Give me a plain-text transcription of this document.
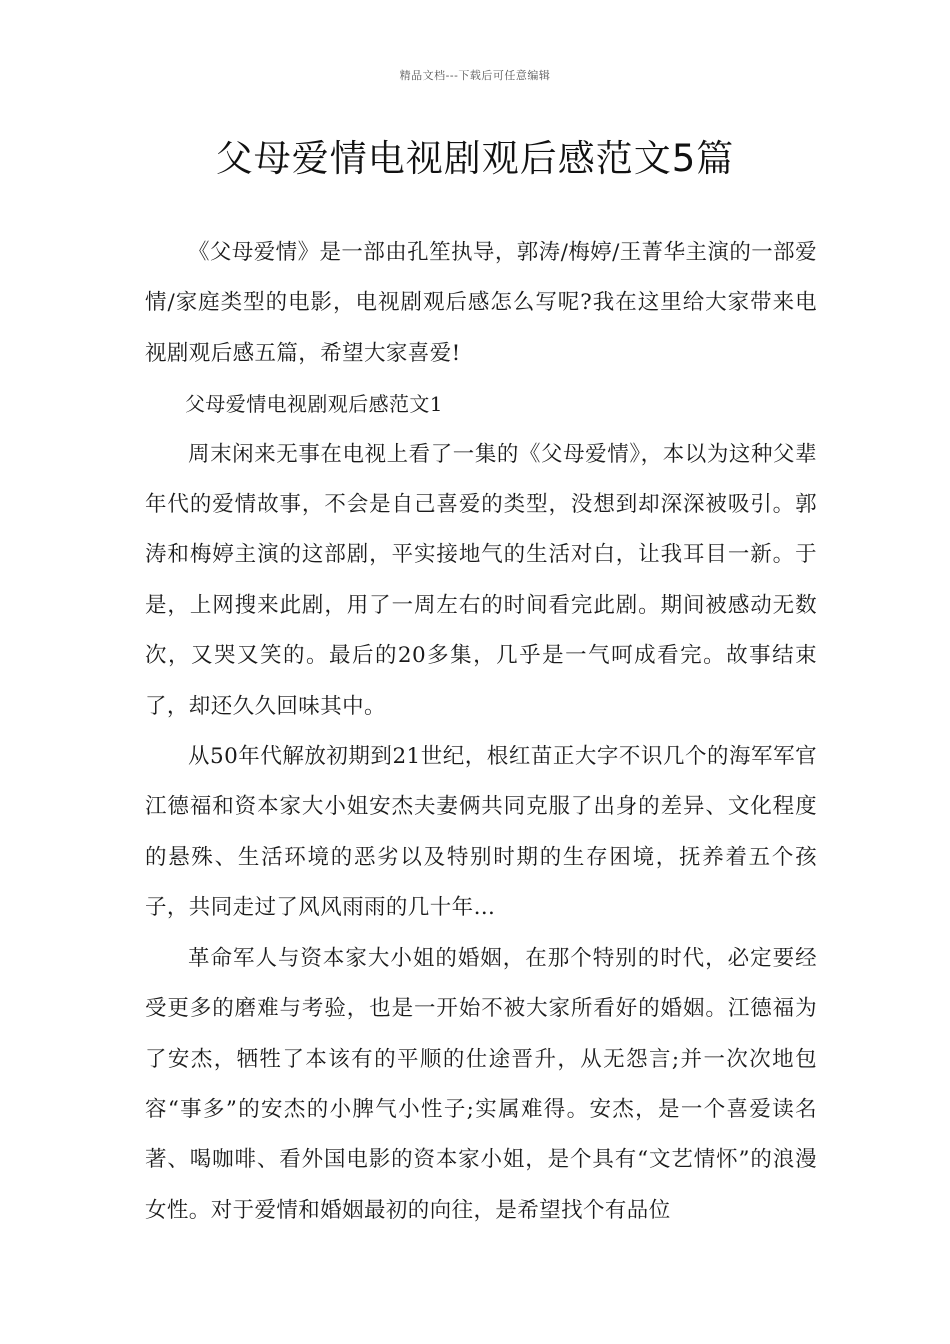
精品文档---下载后可任意编辑
父母爱情电视剧观后感范文5篇

《父母爱情》是一部由孔笙执导，郭涛/梅婷/王菁华主演的一部爱情/家庭类型的电影，电视剧观后感怎么写呢?我在这里给大家带来电视剧观后感五篇，希望大家喜爱!

父母爱情电视剧观后感范文1

周末闲来无事在电视上看了一集的《父母爱情》，本以为这种父辈年代的爱情故事，不会是自己喜爱的类型，没想到却深深被吸引。郭涛和梅婷主演的这部剧，平实接地气的生活对白，让我耳目一新。于是，上网搜来此剧，用了一周左右的时间看完此剧。期间被感动无数次，又哭又笑的。最后的20多集，几乎是一气呵成看完。故事结束了，却还久久回味其中。

从50年代解放初期到21世纪，根红苗正大字不识几个的海军军官江德福和资本家大小姐安杰夫妻俩共同克服了出身的差异、文化程度的悬殊、生活环境的恶劣以及特别时期的生存困境，抚养着五个孩子，共同走过了风风雨雨的几十年…

革命军人与资本家大小姐的婚姻，在那个特别的时代，必定要经受更多的磨难与考验，也是一开始不被大家所看好的婚姻。江德福为了安杰，牺牲了本该有的平顺的仕途晋升，从无怨言;并一次次地包容“事多”的安杰的小脾气小性子;实属难得。安杰，是一个喜爱读名著、喝咖啡、看外国电影的资本家小姐，是个具有“文艺情怀”的浪漫女性。对于爱情和婚姻最初的向往，是希望找个有品位
